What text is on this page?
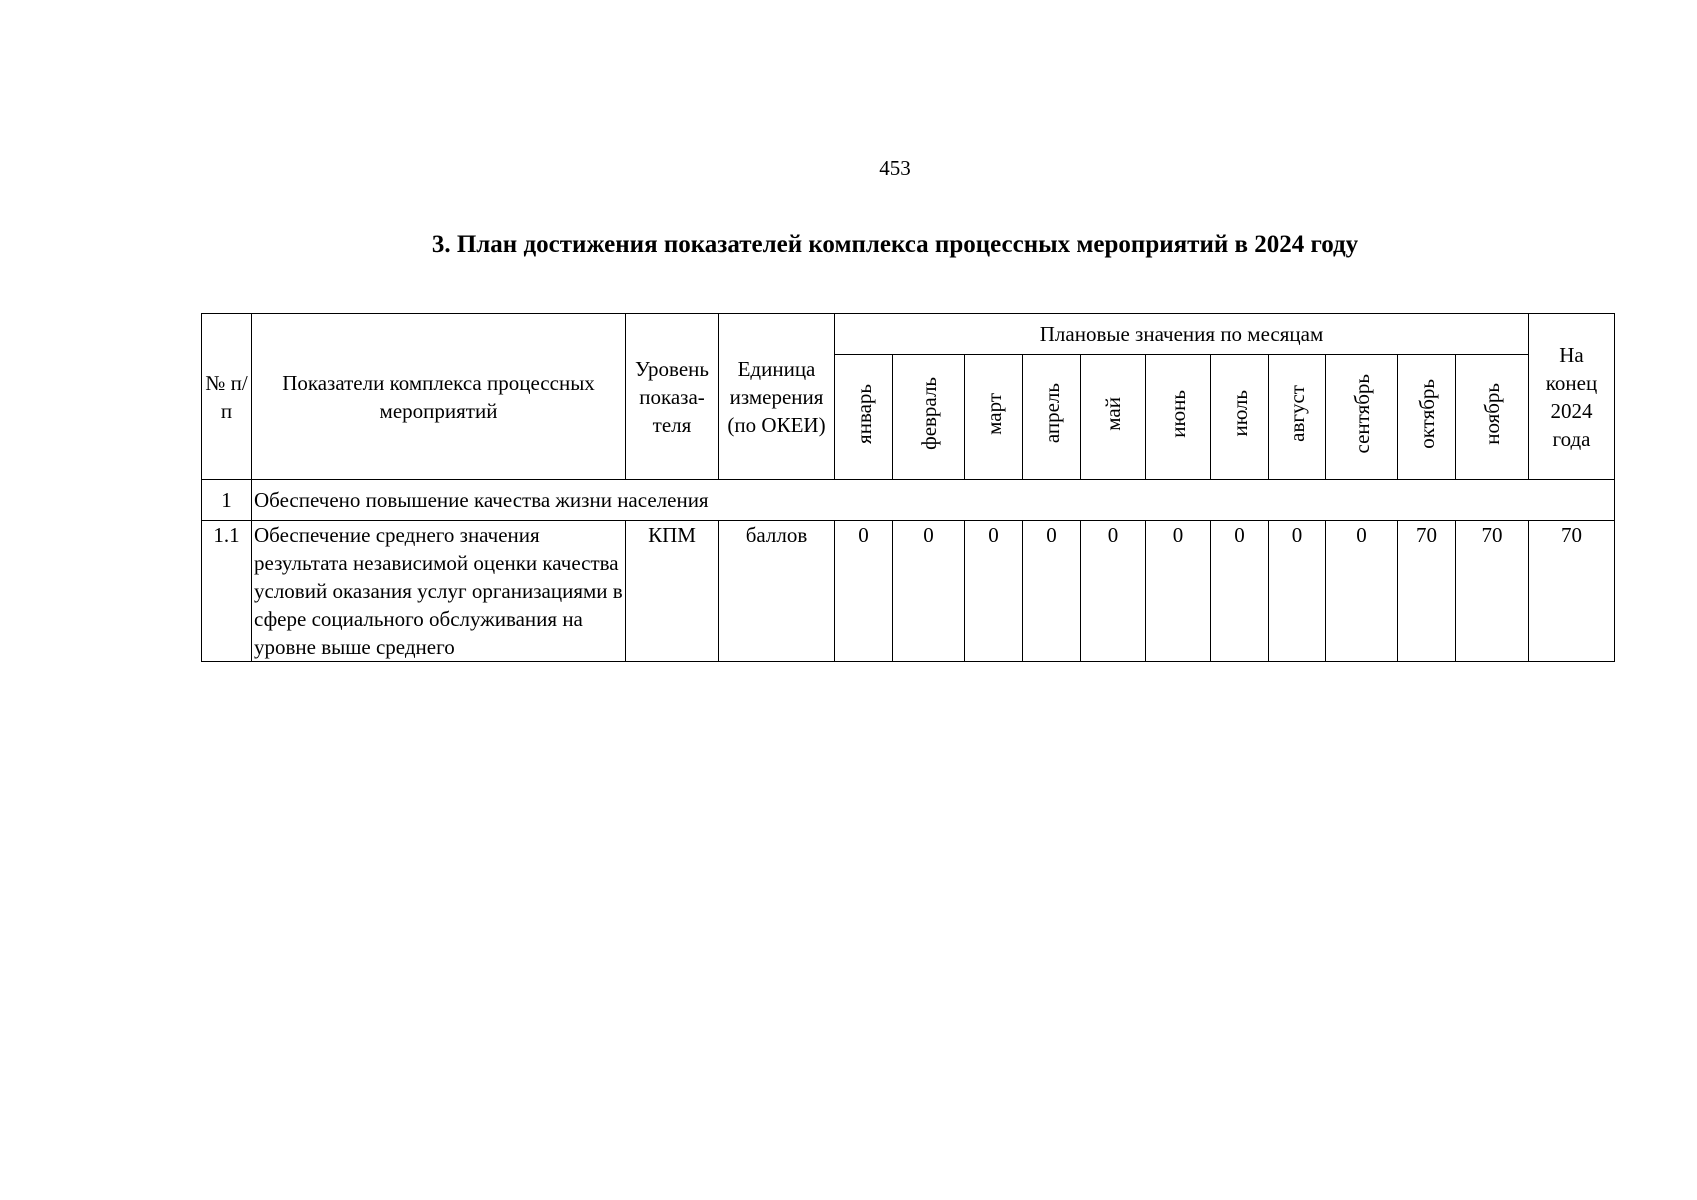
453
3. План достижения показателей комплекса процессных мероприятий в 2024 году
№ п/п	Показатели комплекса процессных мероприятий	Уровень показа-теля	Единица измерения (по ОКЕИ)	Плановые значения по месяцам											На конец 2024 года
				январь	февраль	март	апрель	май	июнь	июль	август	сентябрь	октябрь	ноябрь	
1	Обеспечено повышение качества жизни населения														
1.1	Обеспечение среднего значения результата независимой оценки качества условий оказания услуг организациями в сфере социального обслуживания на уровне выше среднего	КПМ	баллов	0	0	0	0	0	0	0	0	0	70	70	70
